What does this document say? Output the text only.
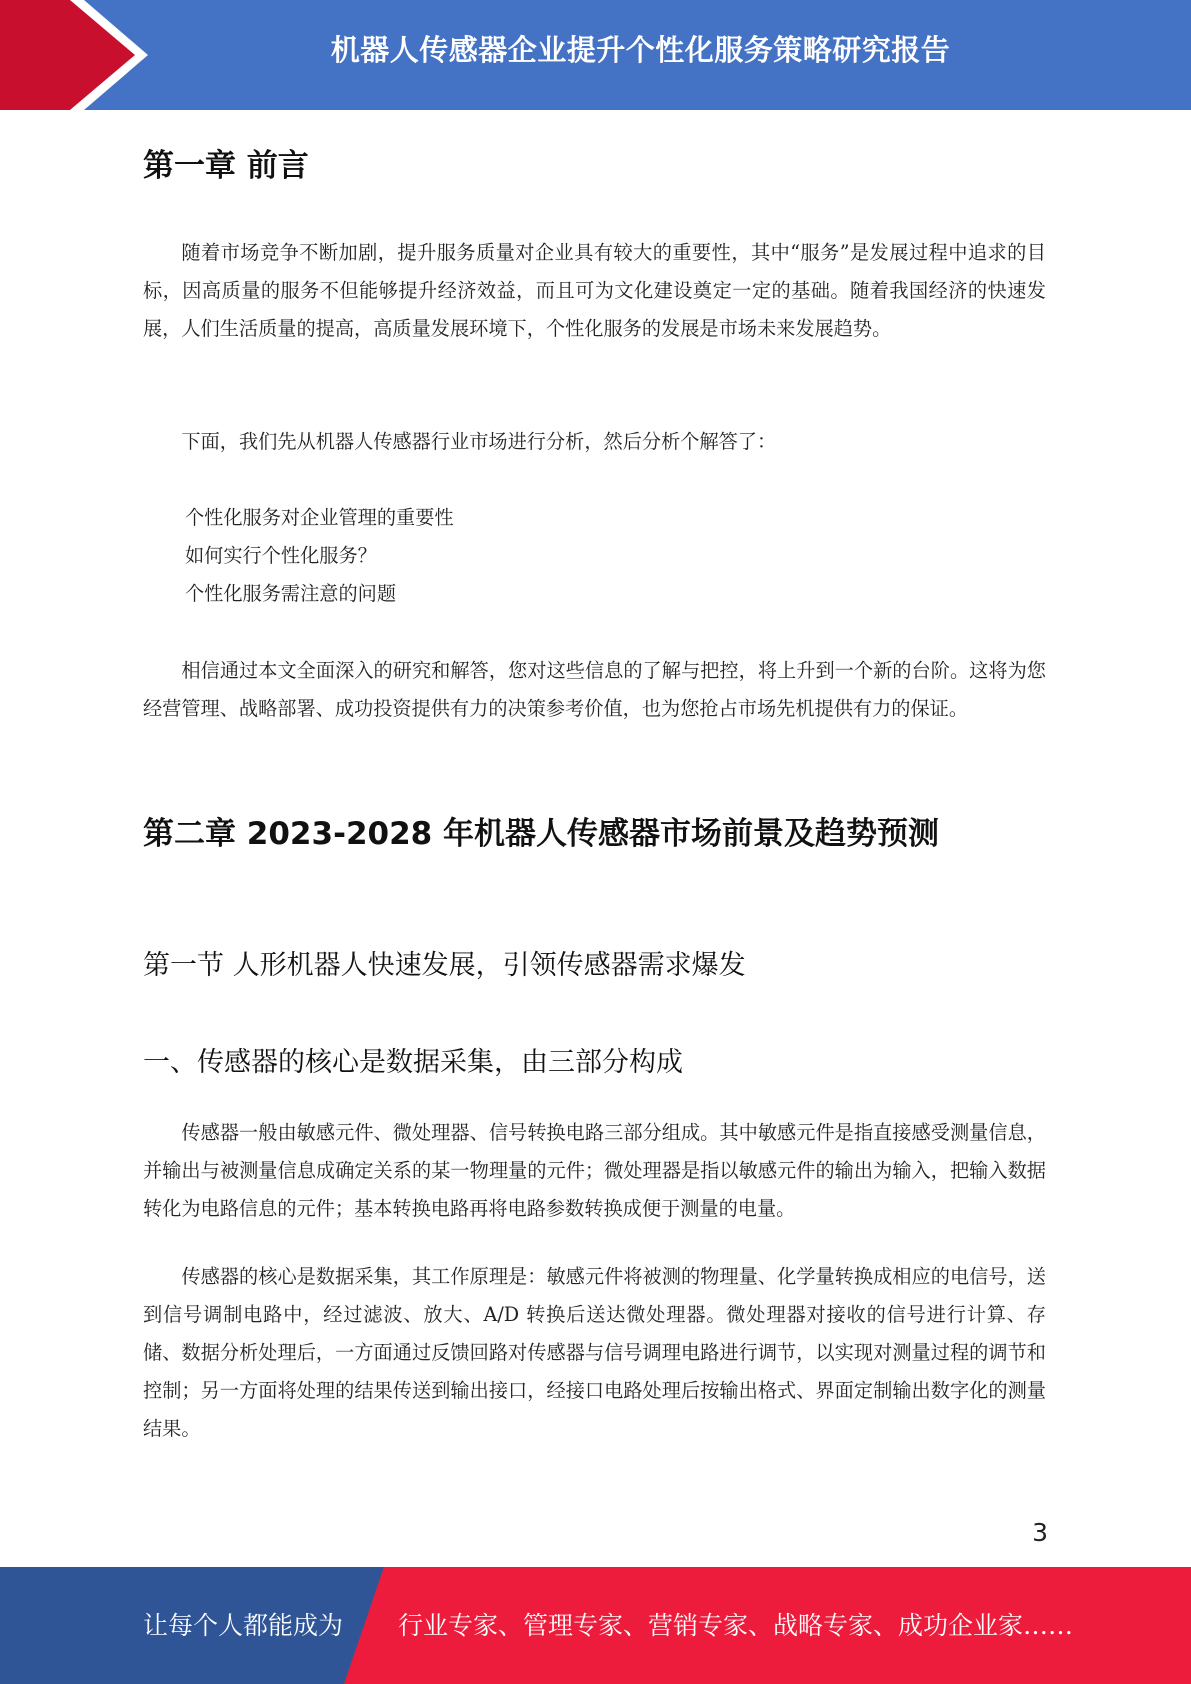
机器人传感器企业提升个性化服务策略研究报告
第一章 前言
随着市场竞争不断加剧，提升服务质量对企业具有较大的重要性，其中“服务”是发展过程中追求的目标，因高质量的服务不但能够提升经济效益，而且可为文化建设奠定一定的基础。随着我国经济的快速发展，人们生活质量的提高，高质量发展环境下，个性化服务的发展是市场未来发展趋势。
下面，我们先从机器人传感器行业市场进行分析，然后分析个解答了：
个性化服务对企业管理的重要性
如何实行个性化服务？
个性化服务需注意的问题
相信通过本文全面深入的研究和解答，您对这些信息的了解与把控，将上升到一个新的台阶。这将为您经营管理、战略部署、成功投资提供有力的决策参考价值，也为您抢占市场先机提供有力的保证。
第二章 2023-2028 年机器人传感器市场前景及趋势预测
第一节 人形机器人快速发展，引领传感器需求爆发
一、传感器的核心是数据采集，由三部分构成
传感器一般由敏感元件、微处理器、信号转换电路三部分组成。其中敏感元件是指直接感受测量信息，并输出与被测量信息成确定关系的某一物理量的元件；微处理器是指以敏感元件的输出为输入，把输入数据转化为电路信息的元件；基本转换电路再将电路参数转换成便于测量的电量。
传感器的核心是数据采集，其工作原理是：敏感元件将被测的物理量、化学量转换成相应的电信号，送到信号调制电路中，经过滤波、放大、A/D 转换后送达微处理器。微处理器对接收的信号进行计算、存储、数据分析处理后，一方面通过反馈回路对传感器与信号调理电路进行调节，以实现对测量过程的调节和控制；另一方面将处理的结果传送到输出接口，经接口电路处理后按输出格式、界面定制输出数字化的测量结果。
3
让每个人都能成为 行业专家、管理专家、营销专家、战略专家、成功企业家……
